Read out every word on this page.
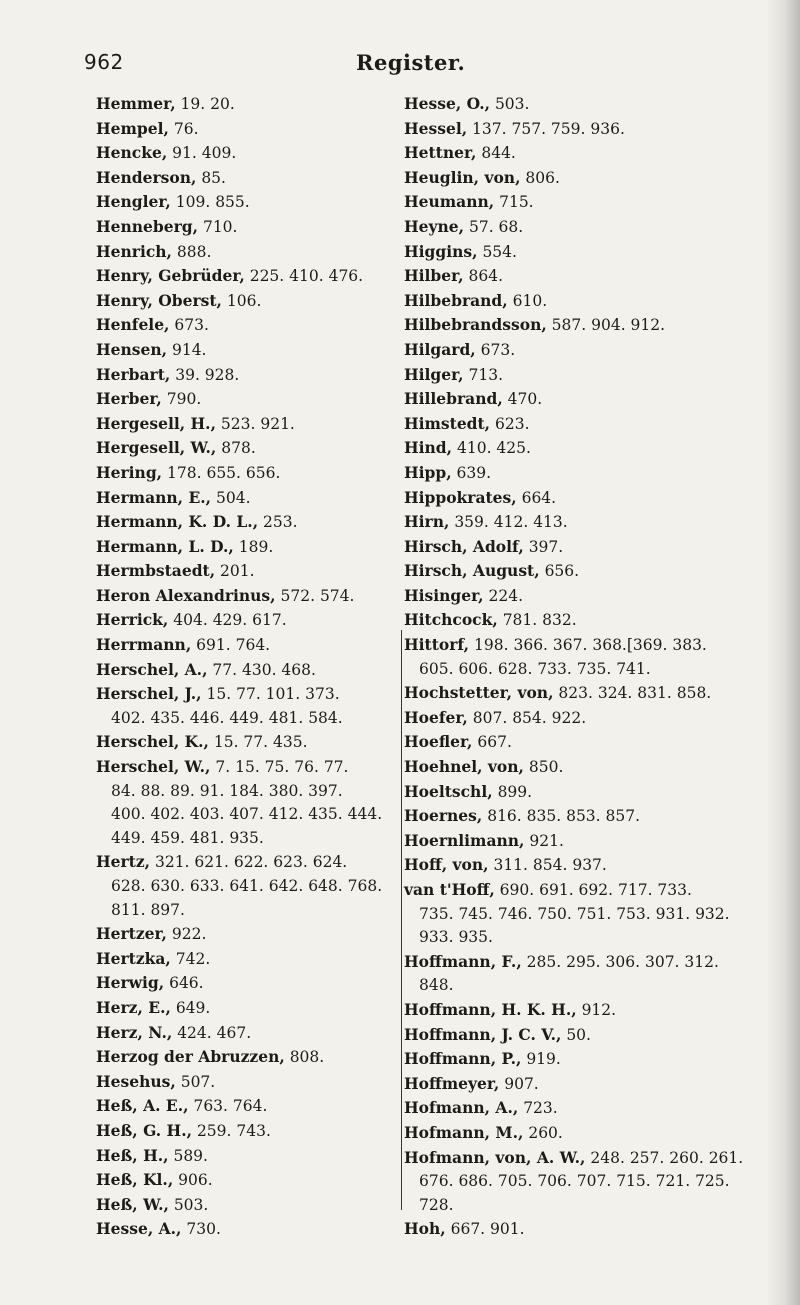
962	Register.
Hemmer, 19. 20.
Hempel, 76.
Hencke, 91. 409.
Henderson, 85.
Hengler, 109. 855.
Henneberg, 710.
Henrich, 888.
Henry, Gebrüder, 225. 410. 476.
Henry, Oberst, 106.
Henfele, 673.
Hensen, 914.
Herbart, 39. 928.
Herber, 790.
Hergesell, H., 523. 921.
Hergesell, W., 878.
Hering, 178. 655. 656.
Hermann, E., 504.
Hermann, K. D. L., 253.
Hermann, L. D., 189.
Hermbstaedt, 201.
Heron Alexandrinus, 572. 574.
Herrick, 404. 429. 617.
Herrmann, 691. 764.
Herschel, A., 77. 430. 468.
Herschel, J., 15. 77. 101. 373.
402. 435. 446. 449. 481. 584.
Herschel, K., 15. 77. 435.
Herschel, W., 7. 15. 75. 76. 77.
84. 88. 89. 91. 184. 380. 397.
400. 402. 403. 407. 412. 435. 444.
449. 459. 481. 935.
Hertz, 321. 621. 622. 623. 624.
628. 630. 633. 641. 642. 648. 768.
811. 897.
Hertzer, 922.
Hertzka, 742.
Herwig, 646.
Herz, E., 649.
Herz, N., 424. 467.
Herzog der Abruzzen, 808.
Hesehus, 507.
Heß, A. E., 763. 764.
Heß, G. H., 259. 743.
Heß, H., 589.
Heß, Kl., 906.
Heß, W., 503.
Hesse, A., 730.
Hesse, O., 503.
Hessel, 137. 757. 759. 936.
Hettner, 844.
Heuglin, von, 806.
Heumann, 715.
Heyne, 57. 68.
Higgins, 554.
Hilber, 864.
Hilbebrand, 610.
Hilbebrandsson, 587. 904. 912.
Hilgard, 673.
Hilger, 713.
Hillebrand, 470.
Himstedt, 623.
Hind, 410. 425.
Hipp, 639.
Hippokrates, 664.
Hirn, 359. 412. 413.
Hirsch, Adolf, 397.
Hirsch, August, 656.
Hisinger, 224.
Hitchcock, 781. 832.
Hittorf, 198. 366. 367. 368.[369. 383.
605. 606. 628. 733. 735. 741.
Hochstetter, von, 823. 324. 831. 858.
Hoefer, 807. 854. 922.
Hoefler, 667.
Hoehnel, von, 850.
Hoeltschl, 899.
Hoernes, 816. 835. 853. 857.
Hoernlimann, 921.
Hoff, von, 311. 854. 937.
van t'Hoff, 690. 691. 692. 717. 733.
735. 745. 746. 750. 751. 753. 931. 932.
933. 935.
Hoffmann, F., 285. 295. 306. 307. 312.
848.
Hoffmann, H. K. H., 912.
Hoffmann, J. C. V., 50.
Hoffmann, P., 919.
Hoffmeyer, 907.
Hofmann, A., 723.
Hofmann, M., 260.
Hofmann, von, A. W., 248. 257. 260. 261.
676. 686. 705. 706. 707. 715. 721. 725.
728.
Hoh, 667. 901.
